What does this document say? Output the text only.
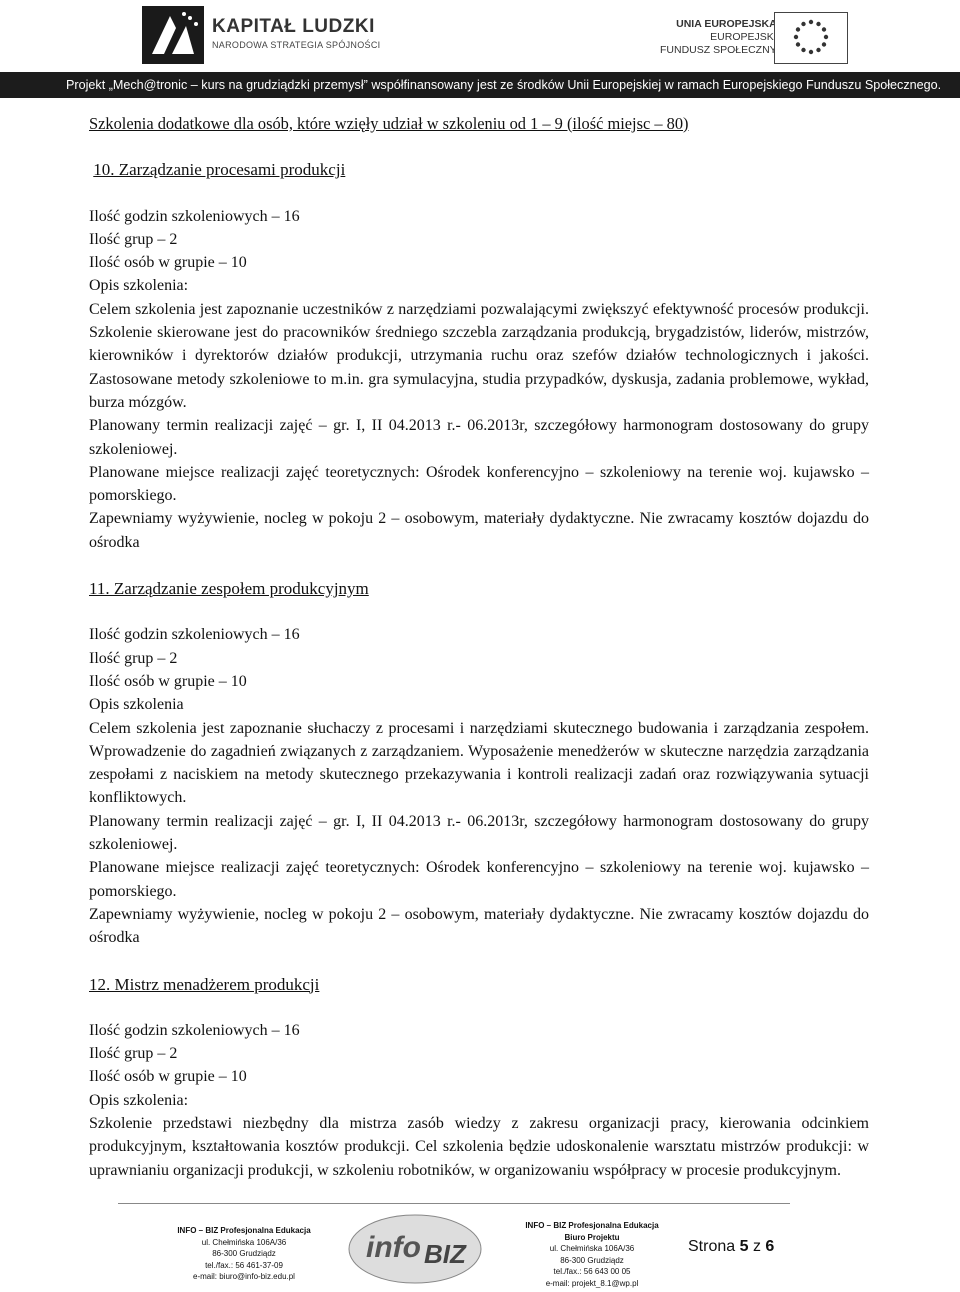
KAPITAŁ LUDZKI
NARODOWA STRATEGIA SPÓJNOŚCI
UNIA EUROPEJSKA
EUROPEJSKI
FUNDUSZ SPOŁECZNY
Projekt „Mech@tronic – kurs na grudziądzki przemysł” współfinansowany jest ze środków Unii Europejskiej w ramach Europejskiego Funduszu Społecznego.

Szkolenia dodatkowe dla osób, które wzięły udział w szkoleniu od 1 – 9 (ilość miejsc – 80)

10. Zarządzanie procesami produkcji

Ilość godzin szkoleniowych – 16

Ilość grup – 2

Ilość osób w grupie – 10

Opis szkolenia:

Celem szkolenia jest zapoznanie uczestników z narzędziami pozwalającymi zwiększyć efektywność procesów produkcji. Szkolenie skierowane jest do pracowników średniego szczebla zarządzania produkcją, brygadzistów, liderów, mistrzów, kierowników i dyrektorów działów produkcji, utrzymania ruchu oraz szefów działów technologicznych i jakości. Zastosowane metody szkoleniowe to m.in. gra symulacyjna, studia przypadków, dyskusja, zadania problemowe, wykład, burza mózgów.

Planowany termin realizacji zajęć – gr. I, II 04.2013 r.- 06.2013r, szczegółowy harmonogram dostosowany do grupy szkoleniowej.

Planowane miejsce realizacji zajęć teoretycznych: Ośrodek konferencyjno – szkoleniowy na terenie woj. kujawsko – pomorskiego.

Zapewniamy wyżywienie, nocleg w pokoju 2 – osobowym, materiały dydaktyczne. Nie zwracamy kosztów dojazdu do ośrodka

11. Zarządzanie zespołem produkcyjnym

Ilość godzin szkoleniowych – 16

Ilość grup – 2

Ilość osób w grupie – 10

Opis szkolenia

Celem szkolenia jest zapoznanie słuchaczy z procesami i narzędziami skutecznego budowania i zarządzania zespołem. Wprowadzenie do zagadnień związanych z zarządzaniem. Wyposażenie menedżerów w skuteczne narzędzia zarządzania zespołami z naciskiem na metody skutecznego przekazywania i kontroli realizacji zadań oraz rozwiązywania sytuacji konfliktowych.

Planowany termin realizacji zajęć – gr. I, II 04.2013 r.- 06.2013r, szczegółowy harmonogram dostosowany do grupy szkoleniowej.

Planowane miejsce realizacji zajęć teoretycznych: Ośrodek konferencyjno – szkoleniowy na terenie woj. kujawsko – pomorskiego.

Zapewniamy wyżywienie, nocleg w pokoju 2 – osobowym, materiały dydaktyczne. Nie zwracamy kosztów dojazdu do ośrodka

12. Mistrz menadżerem produkcji

Ilość godzin szkoleniowych – 16

Ilość grup – 2

Ilość osób w grupie – 10

Opis szkolenia:

Szkolenie przedstawi niezbędny dla mistrza zasób wiedzy z zakresu organizacji pracy, kierowania odcinkiem produkcyjnym, kształtowania kosztów produkcji. Cel szkolenia będzie udoskonalenie warsztatu mistrzów produkcji: w uprawnianiu organizacji produkcji, w szkoleniu robotników, w organizowaniu współpracy w procesie produkcyjnym.

INFO – BIZ Profesjonalna Edukacja
ul. Chełmińska 106A/36
86-300 Grudziądz
tel./fax.: 56 461-37-09
e-mail: biuro@info-biz.edu.pl
info BIZ
INFO – BIZ Profesjonalna Edukacja
Biuro Projektu
ul. Chełmińska 106A/36
86-300 Grudziądz
tel./fax.: 56 643 00 05
e-mail: projekt_8.1@wp.pl
Strona 5 z 6
